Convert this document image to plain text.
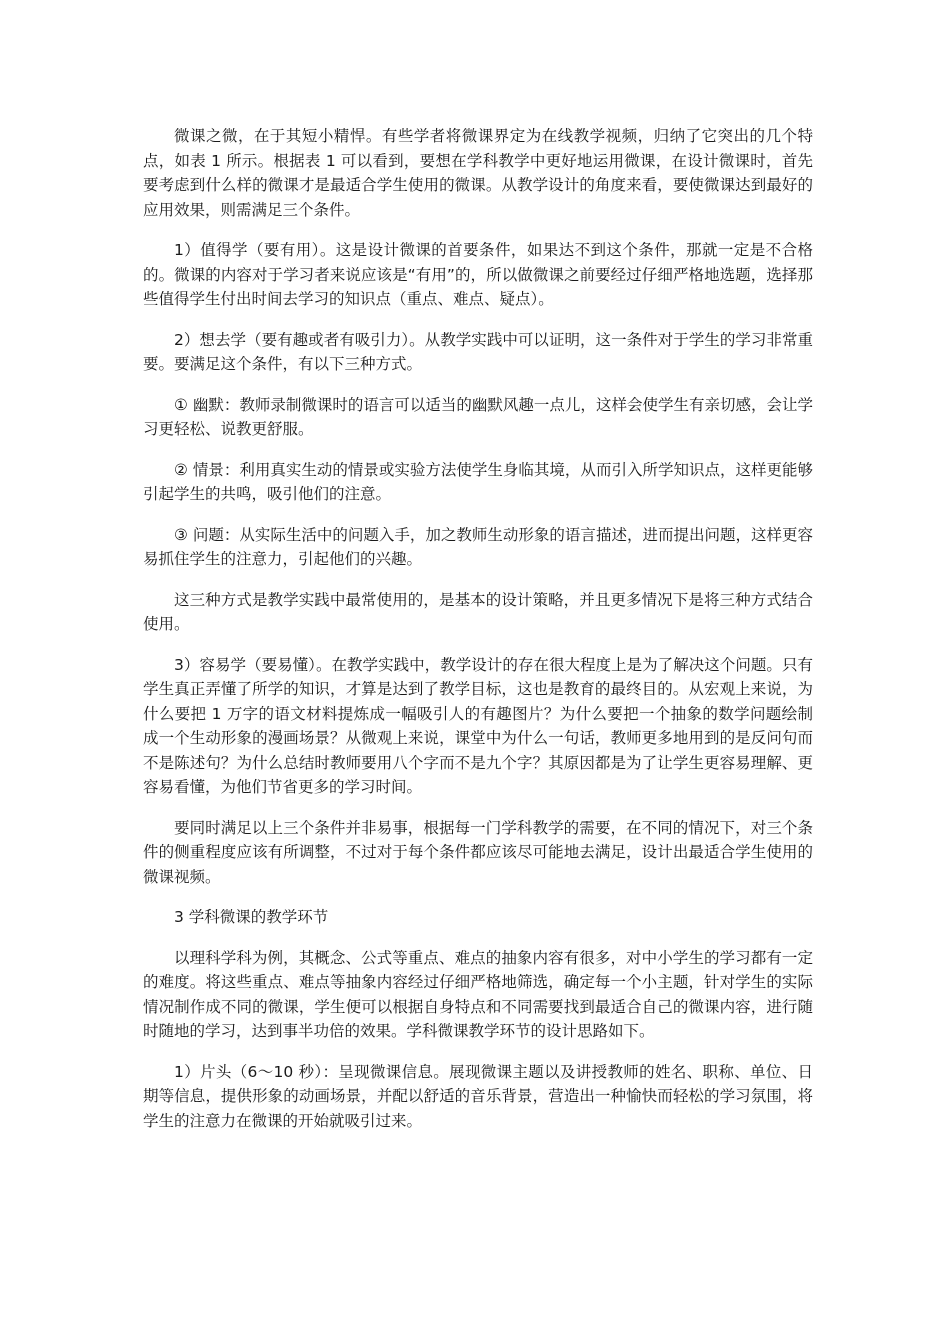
微课之微，在于其短小精悍。有些学者将微课界定为在线教学视频，归纳了它突出的几个特点，如表 1 所示。根据表 1 可以看到，要想在学科教学中更好地运用微课，在设计微课时，首先要考虑到什么样的微课才是最适合学生使用的微课。从教学设计的角度来看，要使微课达到最好的应用效果，则需满足三个条件。

1）值得学（要有用）。这是设计微课的首要条件，如果达不到这个条件，那就一定是不合格的。微课的内容对于学习者来说应该是“有用”的，所以做微课之前要经过仔细严格地选题，选择那些值得学生付出时间去学习的知识点（重点、难点、疑点）。

2）想去学（要有趣或者有吸引力）。从教学实践中可以证明，这一条件对于学生的学习非常重要。要满足这个条件，有以下三种方式。

① 幽默：教师录制微课时的语言可以适当的幽默风趣一点儿，这样会使学生有亲切感，会让学习更轻松、说教更舒服。

② 情景：利用真实生动的情景或实验方法使学生身临其境，从而引入所学知识点，这样更能够引起学生的共鸣，吸引他们的注意。

③ 问题：从实际生活中的问题入手，加之教师生动形象的语言描述，进而提出问题，这样更容易抓住学生的注意力，引起他们的兴趣。

这三种方式是教学实践中最常使用的，是基本的设计策略，并且更多情况下是将三种方式结合使用。

3）容易学（要易懂）。在教学实践中，教学设计的存在很大程度上是为了解决这个问题。只有学生真正弄懂了所学的知识，才算是达到了教学目标，这也是教育的最终目的。从宏观上来说，为什么要把 1 万字的语文材料提炼成一幅吸引人的有趣图片？为什么要把一个抽象的数学问题绘制成一个生动形象的漫画场景？从微观上来说，课堂中为什么一句话，教师更多地用到的是反问句而不是陈述句？为什么总结时教师要用八个字而不是九个字？其原因都是为了让学生更容易理解、更容易看懂，为他们节省更多的学习时间。

要同时满足以上三个条件并非易事，根据每一门学科教学的需要，在不同的情况下，对三个条件的侧重程度应该有所调整，不过对于每个条件都应该尽可能地去满足，设计出最适合学生使用的微课视频。

3 学科微课的教学环节

以理科学科为例，其概念、公式等重点、难点的抽象内容有很多，对中小学生的学习都有一定的难度。将这些重点、难点等抽象内容经过仔细严格地筛选，确定每一个小主题，针对学生的实际情况制作成不同的微课，学生便可以根据自身特点和不同需要找到最适合自己的微课内容，进行随时随地的学习，达到事半功倍的效果。学科微课教学环节的设计思路如下。

1）片头（6～10 秒）：呈现微课信息。展现微课主题以及讲授教师的姓名、职称、单位、日期等信息，提供形象的动画场景，并配以舒适的音乐背景，营造出一种愉快而轻松的学习氛围，将学生的注意力在微课的开始就吸引过来。
